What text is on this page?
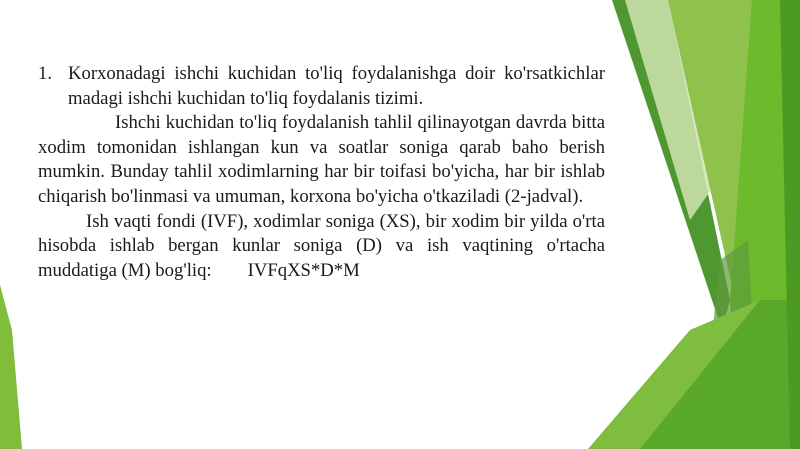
1. Korxonadagi ishchi kuchidan to'liq foydalanishga doir ko'rsatkichlar madagi ishchi kuchidan to'liq foydalanis tizimi.

Ishchi kuchidan to'liq foydalanish tahlil qilinayotgan davrda bitta xodim tomonidan ishlangan kun va soatlar soniga qarab baho berish mumkin. Bunday tahlil xodimlarning har bir toifasi bo'yicha, har bir ishlab chiqarish bo'linmasi va umuman, korxona bo'yicha o'tkaziladi (2-jadval).

Ish vaqti fondi (IVF), xodimlar soniga (XS), bir xodim bir yilda o'rta hisobda ishlab bergan kunlar soniga (D) va ish vaqtining o'rtacha muddatiga (M) bog'liq: IVFqXS*D*M
